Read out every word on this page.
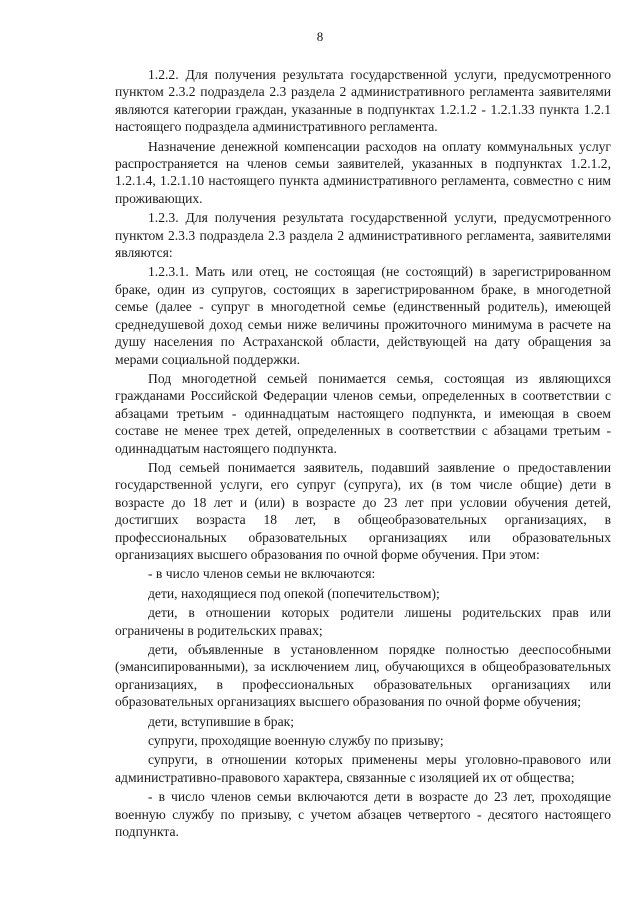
8

1.2.2. Для получения результата государственной услуги, предусмотренного пунктом 2.3.2 подраздела 2.3 раздела 2 административного регламента заявителями являются категории граждан, указанные в подпунктах 1.2.1.2 - 1.2.1.33 пункта 1.2.1 настоящего подраздела административного регламента.

Назначение денежной компенсации расходов на оплату коммунальных услуг распространяется на членов семьи заявителей, указанных в подпунктах 1.2.1.2, 1.2.1.4, 1.2.1.10 настоящего пункта административного регламента, совместно с ним проживающих.

1.2.3. Для получения результата государственной услуги, предусмотренного пунктом 2.3.3 подраздела 2.3 раздела 2 административного регламента, заявителями являются:

1.2.3.1. Мать или отец, не состоящая (не состоящий) в зарегистрированном браке, один из супругов, состоящих в зарегистрированном браке, в многодетной семье (далее - супруг в многодетной семье (единственный родитель), имеющей среднедушевой доход семьи ниже величины прожиточного минимума в расчете на душу населения по Астраханской области, действующей на дату обращения за мерами социальной поддержки.

Под многодетной семьей понимается семья, состоящая из являющихся гражданами Российской Федерации членов семьи, определенных в соответствии с абзацами третьим - одиннадцатым настоящего подпункта, и имеющая в своем составе не менее трех детей, определенных в соответствии с абзацами третьим - одиннадцатым настоящего подпункта.

Под семьей понимается заявитель, подавший заявление о предоставлении государственной услуги, его супруг (супруга), их (в том числе общие) дети в возрасте до 18 лет и (или) в возрасте до 23 лет при условии обучения детей, достигших возраста 18 лет, в общеобразовательных организациях, в профессиональных образовательных организациях или образовательных организациях высшего образования по очной форме обучения. При этом:

- в число членов семьи не включаются:

дети, находящиеся под опекой (попечительством);

дети, в отношении которых родители лишены родительских прав или ограничены в родительских правах;

дети, объявленные в установленном порядке полностью дееспособными (эмансипированными), за исключением лиц, обучающихся в общеобразовательных организациях, в профессиональных образовательных организациях или образовательных организациях высшего образования по очной форме обучения;

дети, вступившие в брак;

супруги, проходящие военную службу по призыву;

супруги, в отношении которых применены меры уголовно-правового или административно-правового характера, связанные с изоляцией их от общества;

- в число членов семьи включаются дети в возрасте до 23 лет, проходящие военную службу по призыву, с учетом абзацев четвертого - десятого настоящего подпункта.
